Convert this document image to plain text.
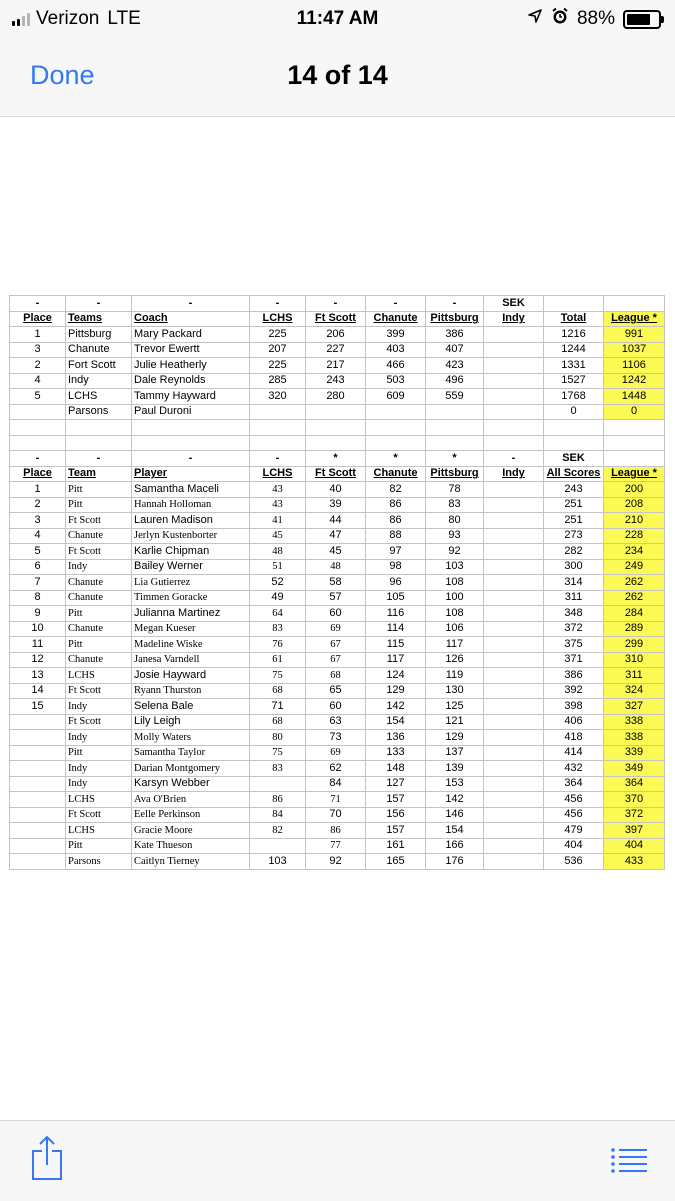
Verizon LTE	11:47 AM	88%
Done	14 of 14
-	-	-	-	-	-	-	SEK		
Place	Teams	Coach	LCHS	Ft Scott	Chanute	Pittsburg	Indy	Total	League *
1	Pittsburg	Mary Packard	225	206	399	386		1216	991
3	Chanute	Trevor Ewertt	207	227	403	407		1244	1037
2	Fort Scott	Julie Heatherly	225	217	466	423		1331	1106
4	Indy	Dale Reynolds	285	243	503	496		1527	1242
5	LCHS	Tammy Hayward	320	280	609	559		1768	1448
	Parsons	Paul Duroni						0	0

-	-	-	-	*	*	*	-	SEK	
Place	Team	Player	LCHS	Ft Scott	Chanute	Pittsburg	Indy	All Scores	League *
1	Pitt	Samantha Maceli	43	40	82	78		243	200
2	Pitt	Hannah Holloman	43	39	86	83		251	208
3	Ft Scott	Lauren Madison	41	44	86	80		251	210
4	Chanute	Jerlyn Kustenborter	45	47	88	93		273	228
5	Ft Scott	Karlie Chipman	48	45	97	92		282	234
6	Indy	Bailey Werner	51	48	98	103		300	249
7	Chanute	Lia Gutierrez	52	58	96	108		314	262
8	Chanute	Timmen Goracke	49	57	105	100		311	262
9	Pitt	Julianna Martinez	64	60	116	108		348	284
10	Chanute	Megan Kueser	83	69	114	106		372	289
11	Pitt	Madeline Wiske	76	67	115	117		375	299
12	Chanute	Janesa Varndell	61	67	117	126		371	310
13	LCHS	Josie Hayward	75	68	124	119		386	311
14	Ft Scott	Ryann Thurston	68	65	129	130		392	324
15	Indy	Selena Bale	71	60	142	125		398	327
	Ft Scott	Lily Leigh	68	63	154	121		406	338
	Indy	Molly Waters	80	73	136	129		418	338
	Pitt	Samantha Taylor	75	69	133	137		414	339
	Indy	Darian Montgomery	83	62	148	139		432	349
	Indy	Karsyn Webber		84	127	153		364	364
	LCHS	Ava O'Brien	86	71	157	142		456	370
	Ft Scott	Eelle Perkinson	84	70	156	146		456	372
	LCHS	Gracie Moore	82	86	157	154		479	397
	Pitt	Kate Thueson		77	161	166		404	404
	Parsons	Caitlyn Tierney	103	92	165	176		536	433
